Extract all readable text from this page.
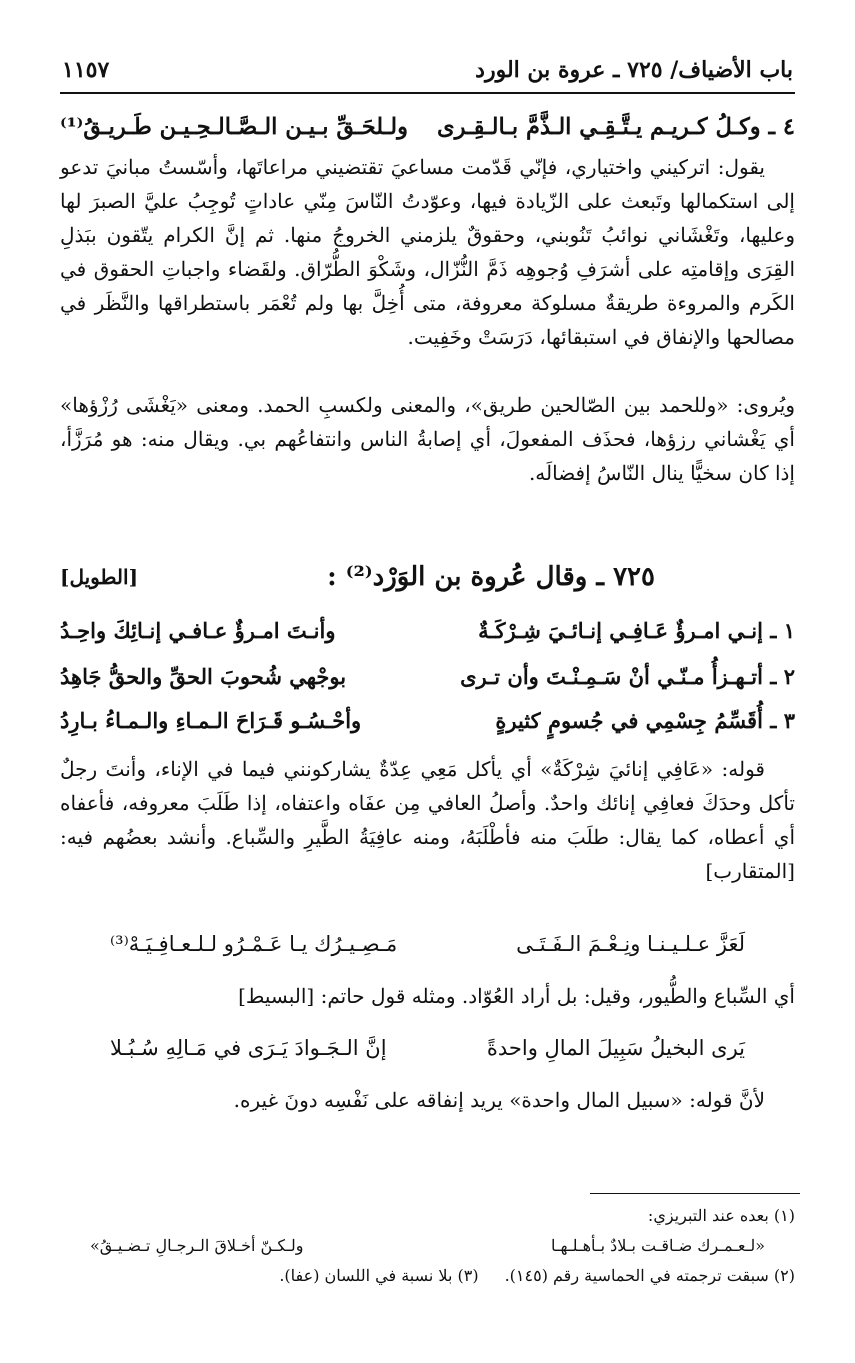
باب الأضياف/ ٧٢٥ ـ عروة بن الورد
١١٥٧
٤ ـ وكـلُ كـريـم يـتَّـقِـي الـذَّمَّ بـالـقِـرى
ولـلحَـقِّ بـيـن الـصَّـالـحِـيـن طَـريـقُ⁽¹⁾
يقول: اتركيني واختياري، فإنّي قَدّمت مساعيَ تقتضيني مراعاتَها، وأسّستُ مبانيَ تدعو إلى استكمالها وتَبعث على الزّيادة فيها، وعوّدتُ النّاسَ مِنّي عاداتٍ تُوجِبُ عليَّ الصبرَ لها وعليها، وتَغْشَاني نوائبُ تَنُوبني، وحقوقٌ يلزمني الخروجُ منها. ثم إنَّ الكرام يتّقون ببَذلِ القِرَى وإقامتِه على أشرَفِ وُجوهِه ذَمَّ النُّزّال، وشَكْوَ الطُّرّاق. ولقَضاء واجباتِ الحقوق في الكَرم والمروءة طريقةٌ مسلوكة معروفة، متى أُخِلَّ بها ولم تُعْمَر باستطراقها والنَّظَر في مصالحها والإنفاق في استبقائها، دَرَسَتْ وخَفِيت.
ويُروى: «وللحمد بين الصّالحين طريق»، والمعنى ولكسبِ الحمد. ومعنى «يَغْشَى رُزْؤها» أي يَغْشاني رزؤها، فحذَف المفعولَ، أي إصابةُ الناس وانتفاعُهم بي. ويقال منه: هو مُرَزَّأ، إذا كان سخيًّا ينال النّاسُ إفضالَه.
٧٢٥ ـ وقال عُروة بن الوَرْد⁽²⁾ :
[الطويل]
١ ـ إنـي امـرؤٌ عَـافِـي إنـائـيَ شِـرْكَـةٌ
وأنـتَ امـرؤٌ عـافـي إنـائِكَ واحِـدُ
٢ ـ أتـهـزأُ مـنّـي أنْ سَـمِـنْـتَ وأن تـرى
بوجْهي شُحوبَ الحقِّ والحقُّ جَاهِدُ
٣ ـ أُقَسِّمُ جِسْمِي في جُسومٍ كثيرةٍ
وأحْـسُـو قَـرَاحَ الـمـاءِ والـمـاءُ بـارِدُ
قوله: «عَافِي إنائيَ شِرْكَةٌ» أي يأكل مَعِي عِدّةٌ يشاركونني فيما في الإناء، وأنتَ رجلٌ تأكل وحدَكَ فعافِي إنائك واحدٌ. وأصلُ العافي مِن عفَاه واعتفاه، إذا طَلَبَ معروفه، فأعفاه أي أعطاه، كما يقال: طلَبَ منه فأطْلَبَهُ، ومنه عافِيَةُ الطَّيرِ والسِّباع. وأنشد بعضُهم فيه: [المتقارب]
لَعَزَّ عـلـيـنـا ونِـعْـمَ الـفَـتَـى
مَـصِـيـرُك يـا عَـمْـرُو لـلـعـافِـيَـهْ⁽³⁾
أي السِّباع والطُّيور، وقيل: بل أراد العُوّاد. ومثله قول حاتم: [البسيط]
يَرى البخيلُ سَبِيلَ المالِ واحدةً
إنَّ الـجَـوادَ يَـرَى في مَـالِهِ سُـبُـلا
لأنَّ قوله: «سبيل المال واحدة» يريد إنفاقه على نَفْسِه دونَ غيره.
(١) بعده عند التبريزي:
«لـعـمـرك ضـاقـت بـلادٌ بـأهـلـهـا
ولـكـنّ أخـلاقَ الـرجـالِ تـضـيـقُ»
(٢) سبقت ترجمته في الحماسية رقم (١٤٥).
(٣) بلا نسبة في اللسان (عفا).
